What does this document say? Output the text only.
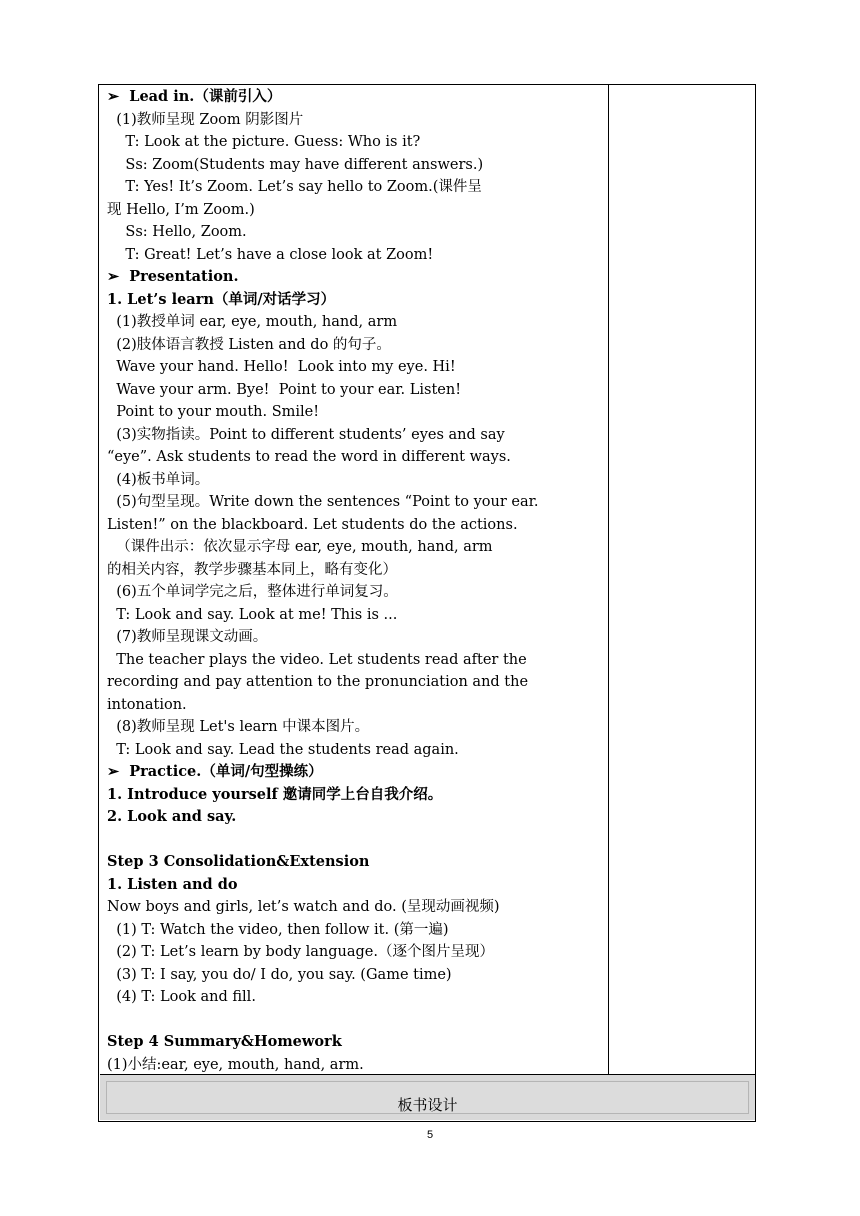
➢  Lead in.（课前引入）
(1)教师呈现 Zoom 阴影图片
T: Look at the picture. Guess: Who is it?
Ss: Zoom(Students may have different answers.)
T: Yes! It’s Zoom. Let’s say hello to Zoom.(课件呈
现 Hello, I’m Zoom.)
Ss: Hello, Zoom.
T: Great! Let’s have a close look at Zoom!
➢  Presentation.
1. Let’s learn（单词/对话学习）
(1)教授单词 ear, eye, mouth, hand, arm
(2)肢体语言教授 Listen and do 的句子。
Wave your hand. Hello!  Look into my eye. Hi!
Wave your arm. Bye!  Point to your ear. Listen!
Point to your mouth. Smile!
(3)实物指读。Point to different students’ eyes and say
“eye”. Ask students to read the word in different ways.
(4)板书单词。
(5)句型呈现。Write down the sentences “Point to your ear.
Listen!” on the blackboard. Let students do the actions.
（课件出示：依次显示字母 ear, eye, mouth, hand, arm
的相关内容，教学步骤基本同上，略有变化）
(6)五个单词学完之后，整体进行单词复习。
T: Look and say. Look at me! This is ...
(7)教师呈现课文动画。
The teacher plays the video. Let students read after the
recording and pay attention to the pronunciation and the
intonation.
(8)教师呈现 Let's learn 中课本图片。
T: Look and say. Lead the students read again.
➢  Practice.（单词/句型操练）
1. Introduce yourself 邀请同学上台自我介绍。
2. Look and say.
Step 3 Consolidation&Extension
1. Listen and do
Now boys and girls, let’s watch and do. (呈现动画视频)
(1) T: Watch the video, then follow it. (第一遍)
(2) T: Let’s learn by body language.（逐个图片呈现）
(3) T: I say, you do/ I do, you say. (Game time)
(4) T: Look and fill.
Step 4 Summary&Homework
(1)小结:ear, eye, mouth, hand, arm.
板书设计
5
